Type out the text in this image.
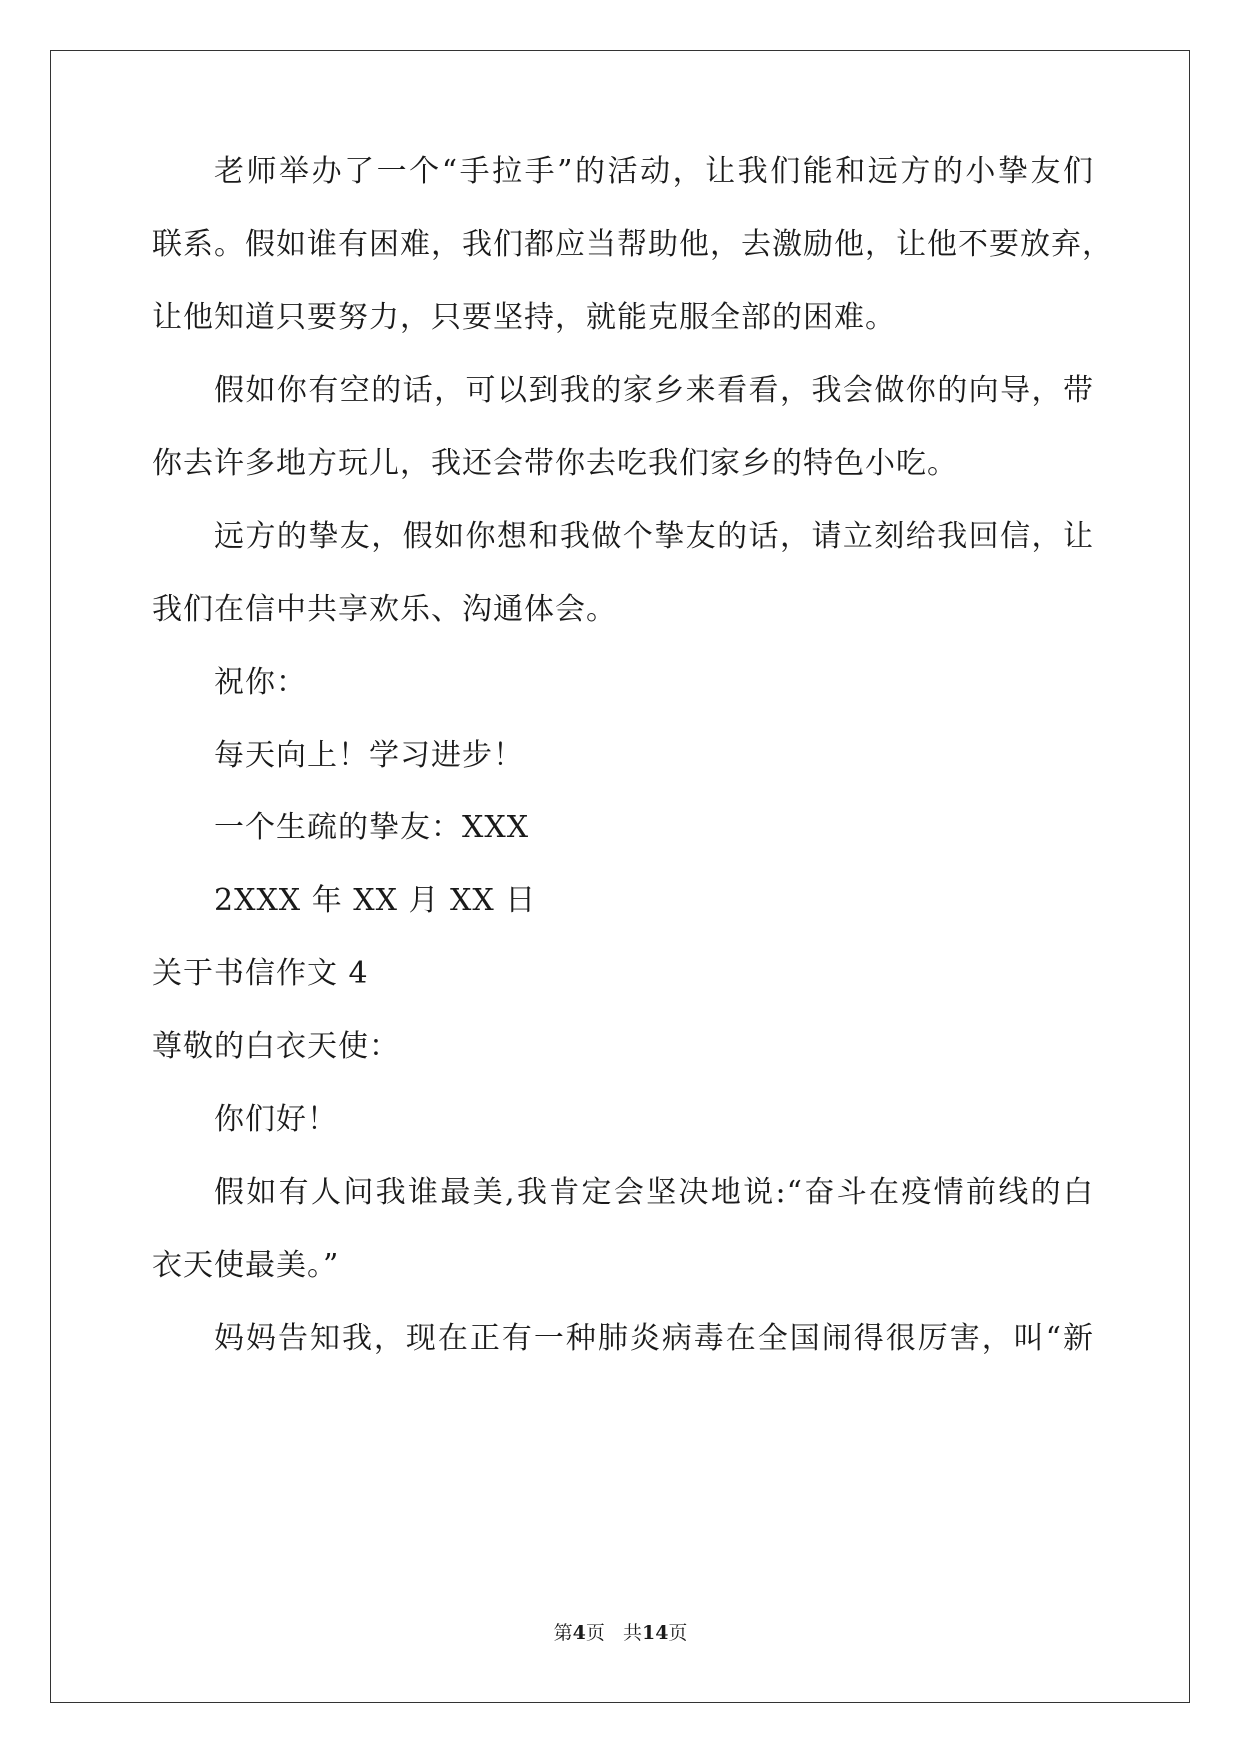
老师举办了一个“手拉手”的活动，让我们能和远方的小挚友们
联系。假如谁有困难，我们都应当帮助他，去激励他，让他不要放弃，
让他知道只要努力，只要坚持，就能克服全部的困难。
假如你有空的话，可以到我的家乡来看看，我会做你的向导，带
你去许多地方玩儿，我还会带你去吃我们家乡的特色小吃。
远方的挚友，假如你想和我做个挚友的话，请立刻给我回信，让
我们在信中共享欢乐、沟通体会。
祝你：
每天向上！学习进步！
一个生疏的挚友：XXX
2XXX 年 XX 月 XX 日
关于书信作文 4
尊敬的白衣天使：
你们好！
假如有人问我谁最美,我肯定会坚决地说:“奋斗在疫情前线的白
衣天使最美。”
妈妈告知我，现在正有一种肺炎病毒在全国闹得很厉害，叫“新
第4页 共14页
